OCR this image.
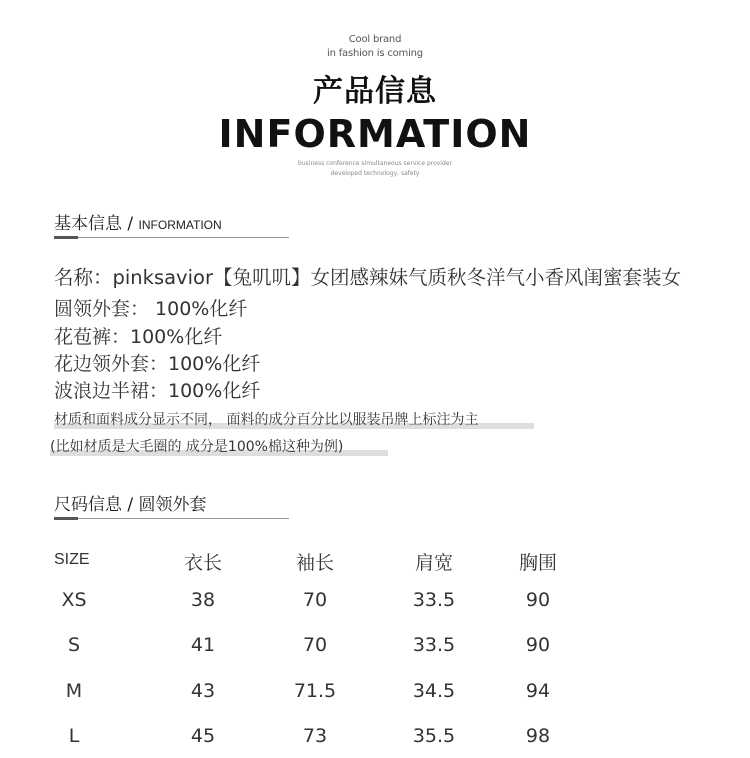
Cool brand
in fashion is coming
产品信息
INFORMATION
business conference simultaneous service provider
developed technology, safety
基本信息 / INFORMATION
名称：pinksavior【兔叽叽】女团感辣妹气质秋冬洋气小香风闺蜜套装女
圆领外套： 100%化纤
花苞裤：100%化纤
花边领外套：100%化纤
波浪边半裙：100%化纤
材质和面料成分显示不同， 面料的成分百分比以服装吊牌上标注为主
(比如材质是大毛圈的 成分是100%棉这种为例)
尺码信息 / 圆领外套
SIZE	衣长	袖长	肩宽	胸围
XS	38	70	33.5	90
S	41	70	33.5	90
M	43	71.5	34.5	94
L	45	73	35.5	98
